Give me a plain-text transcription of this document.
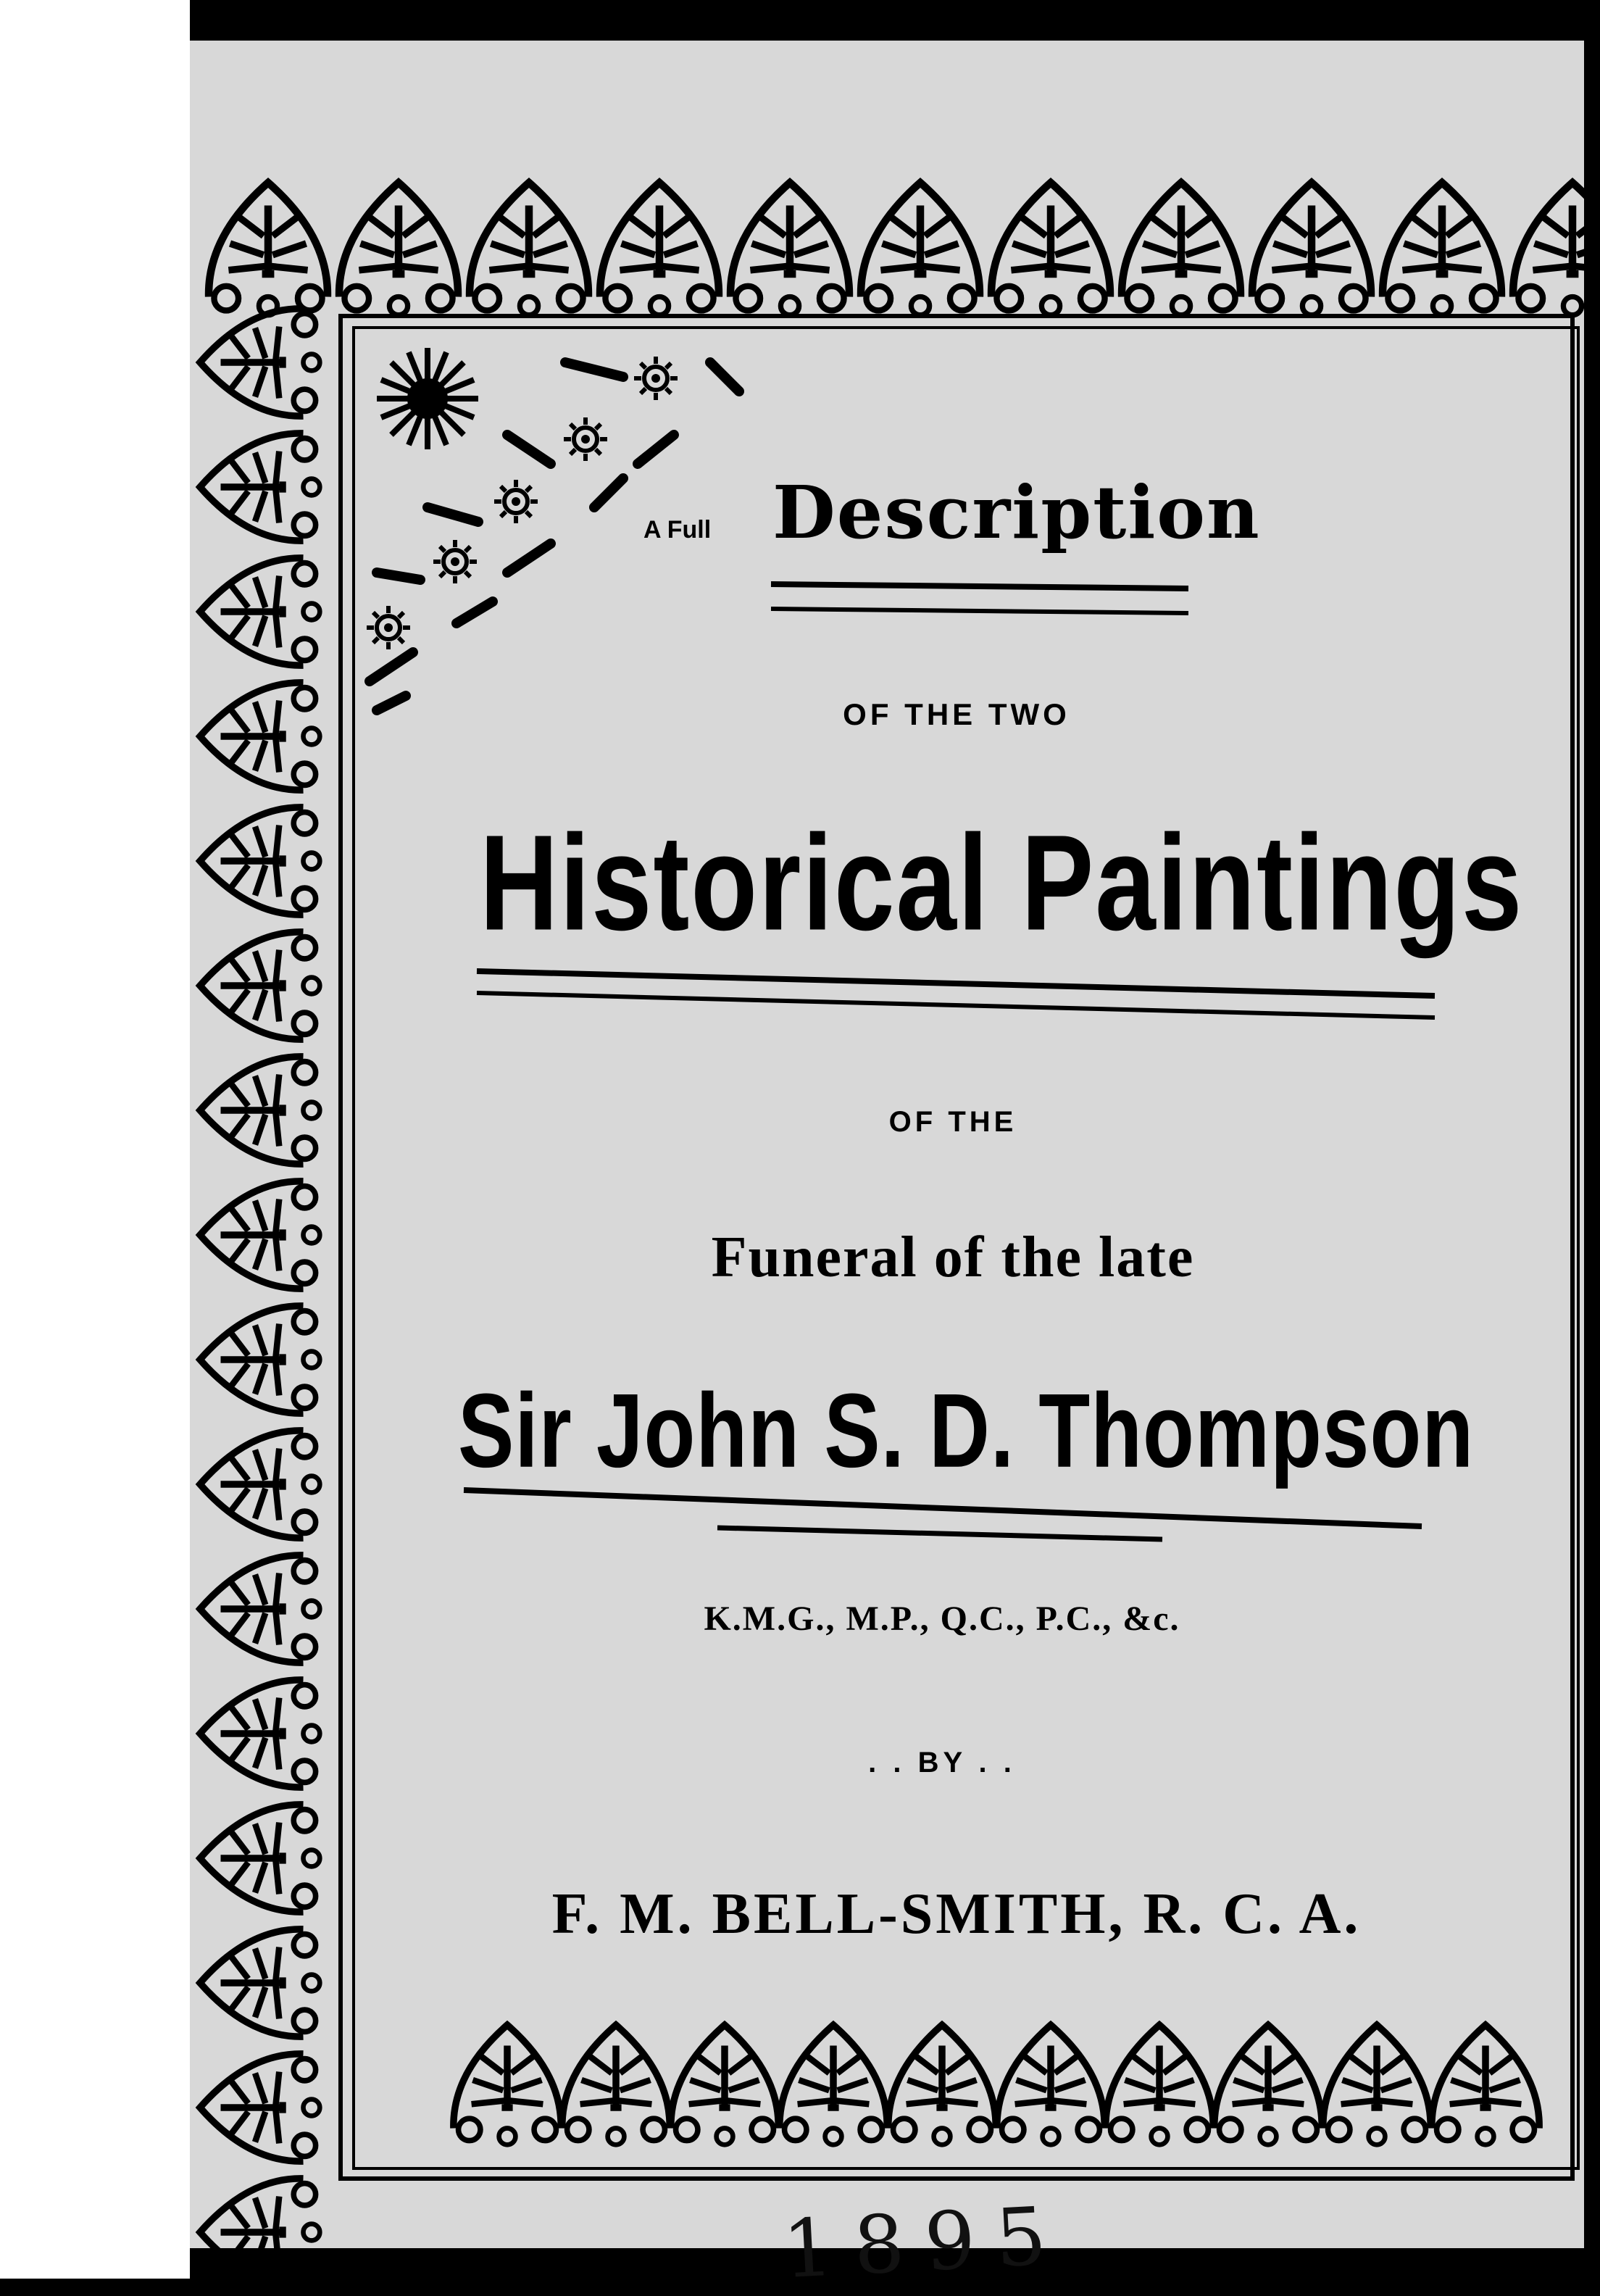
A Full Description
OF THE TWO
Historical Paintings
OF THE
Funeral of the late
Sir John S. D. Thompson
K.M.G., M.P., Q.C., P.C., &c.
. . BY . .
F. M. BELL-SMITH, R. C. A.
1895
